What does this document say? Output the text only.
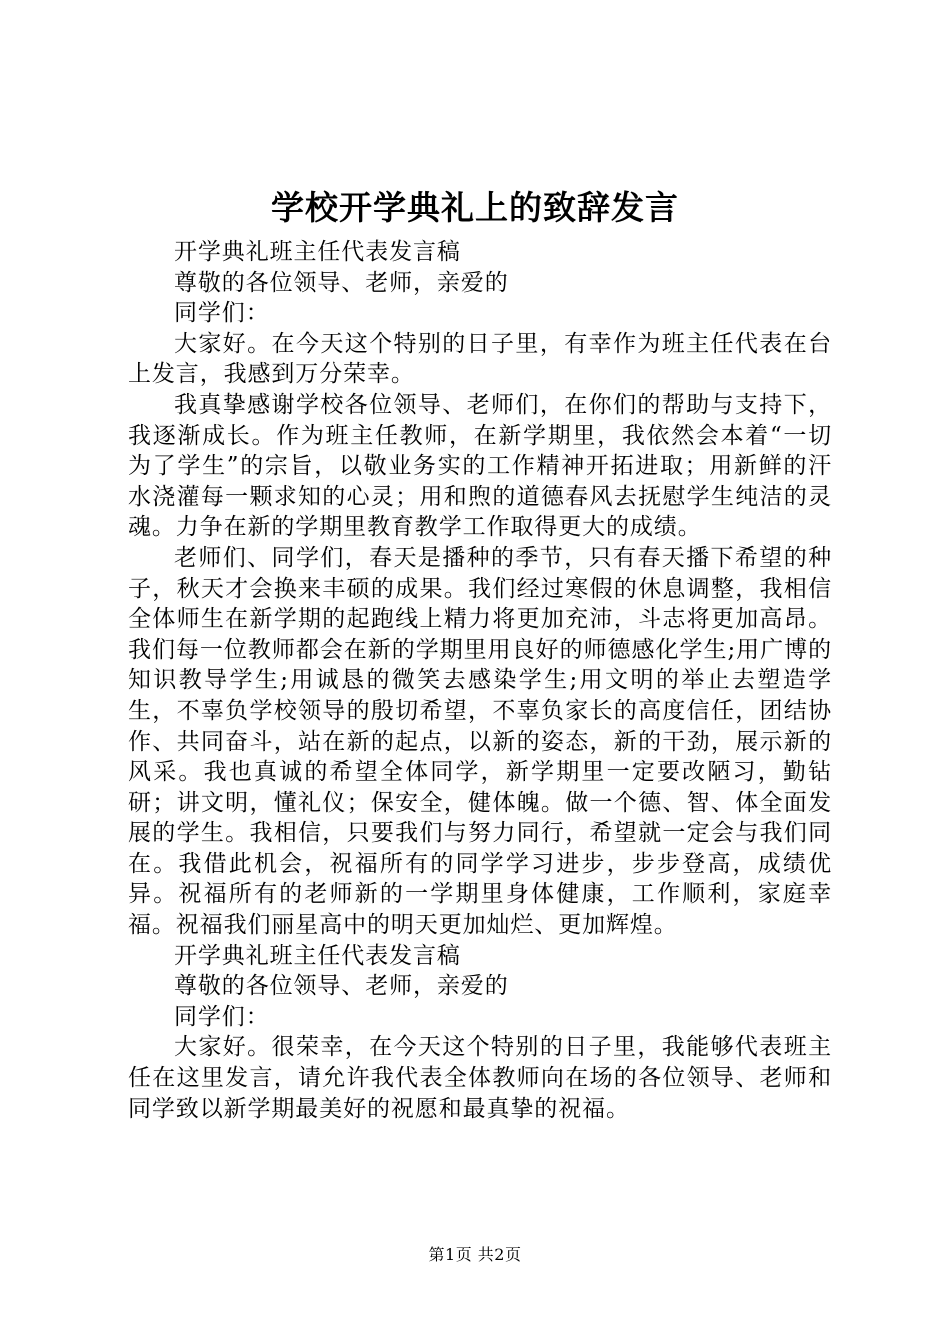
学校开学典礼上的致辞发言

开学典礼班主任代表发言稿

尊敬的各位领导、老师，亲爱的

同学们：

大家好。在今天这个特别的日子里，有幸作为班主任代表在台上发言，我感到万分荣幸。

我真挚感谢学校各位领导、老师们，在你们的帮助与支持下，我逐渐成长。作为班主任教师，在新学期里，我依然会本着“一切为了学生”的宗旨，以敬业务实的工作精神开拓进取；用新鲜的汗水浇灌每一颗求知的心灵；用和煦的道德春风去抚慰学生纯洁的灵魂。力争在新的学期里教育教学工作取得更大的成绩。

老师们、同学们，春天是播种的季节，只有春天播下希望的种子，秋天才会换来丰硕的成果。我们经过寒假的休息调整，我相信全体师生在新学期的起跑线上精力将更加充沛，斗志将更加高昂。我们每一位教师都会在新的学期里用良好的师德感化学生;用广博的知识教导学生;用诚恳的微笑去感染学生;用文明的举止去塑造学生，不辜负学校领导的殷切希望，不辜负家长的高度信任，团结协作、共同奋斗，站在新的起点，以新的姿态，新的干劲，展示新的风采。我也真诚的希望全体同学，新学期里一定要改陋习，勤钻研；讲文明，懂礼仪；保安全，健体魄。做一个德、智、体全面发展的学生。我相信，只要我们与努力同行，希望就一定会与我们同在。我借此机会，祝福所有的同学学习进步，步步登高，成绩优异。祝福所有的老师新的一学期里身体健康，工作顺利，家庭幸福。祝福我们丽星高中的明天更加灿烂、更加辉煌。

开学典礼班主任代表发言稿

尊敬的各位领导、老师，亲爱的

同学们：

大家好。很荣幸，在今天这个特别的日子里，我能够代表班主任在这里发言，请允许我代表全体教师向在场的各位领导、老师和同学致以新学期最美好的祝愿和最真挚的祝福。

第1页 共2页
